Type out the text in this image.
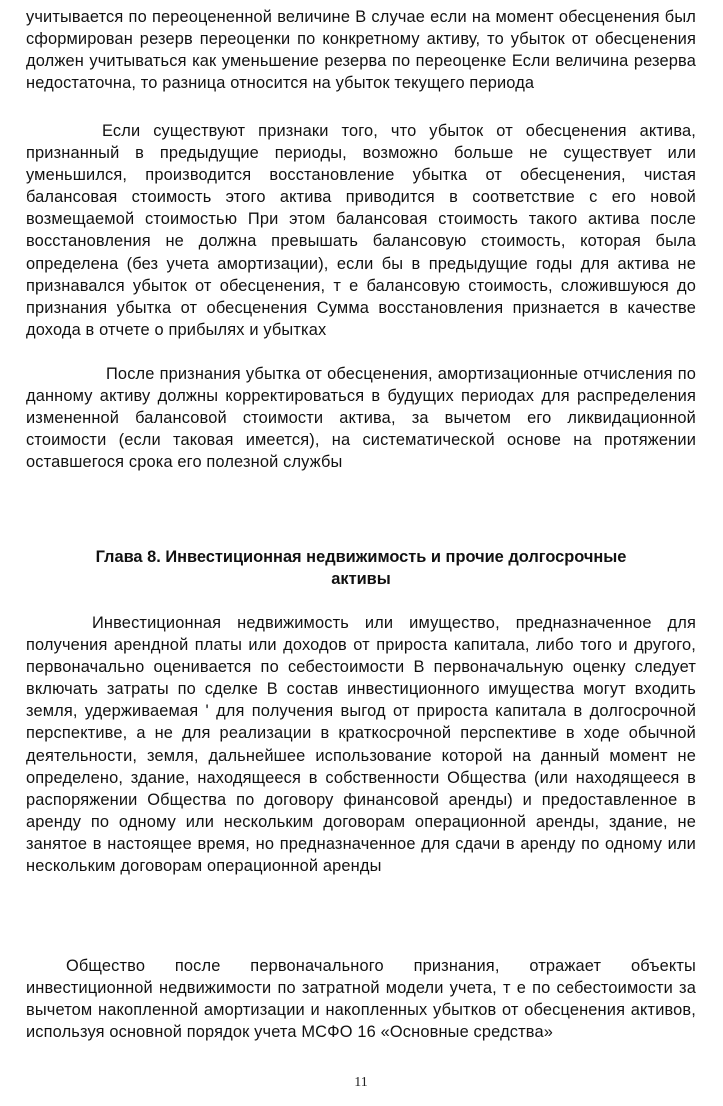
учитывается по переоцененной величине В случае если на момент обесценения был сформирован резерв переоценки по конкретному активу, то убыток от обесценения должен учитываться как уменьшение резерва по переоценке Если величина резерва недостаточна, то разница относится на убыток текущего периода

Если существуют признаки того, что убыток от обесценения актива, признанный в предыдущие периоды, возможно больше не существует или уменьшился, производится восстановление убытка от обесценения, чистая балансовая стоимость этого актива приводится в соответствие с его новой возмещаемой стоимостью При этом балансовая стоимость такого актива после восстановления не должна превышать балансовую стоимость, которая была определена (без учета амортизации), если бы в предыдущие годы для актива не признавался убыток от обесценения, т е балансовую стоимость, сложившуюся до признания убытка от обесценения Сумма восстановления признается в качестве дохода в отчете о прибылях и убытках

После признания убытка от обесценения, амортизационные отчисления по данному активу должны корректироваться в будущих периодах для распределения измененной балансовой стоимости актива, за вычетом его ликвидационной стоимости (если таковая имеется), на систематической основе на протяжении оставшегося срока его полезной службы

Глава 8. Инвестиционная недвижимость и прочие долгосрочные

активы

Инвестиционная недвижимость или имущество, предназначенное для получения арендной платы или доходов от прироста капитала, либо того и другого, первоначально оценивается по себестоимости В первоначальную оценку следует включать затраты по сделке В состав инвестиционного имущества могут входить земля, удерживаемая ' для получения выгод от прироста капитала в долгосрочной перспективе, а не для реализации в краткосрочной перспективе в ходе обычной деятельности, земля, дальнейшее использование которой на данный момент не определено, здание, находящееся в собственности Общества (или находящееся в распоряжении Общества по договору финансовой аренды) и предоставленное в аренду по одному или нескольким договорам операционной аренды, здание, не занятое в настоящее время, но предназначенное для сдачи в аренду по одному или нескольким договорам операционной аренды

Общество после первоначального признания, отражает объекты инвестиционной недвижимости по затратной модели учета, т е по себестоимости за вычетом накопленной амортизации и накопленных убытков от обесценения активов, используя основной порядок учета МСФО 16 «Основные средства»

11
